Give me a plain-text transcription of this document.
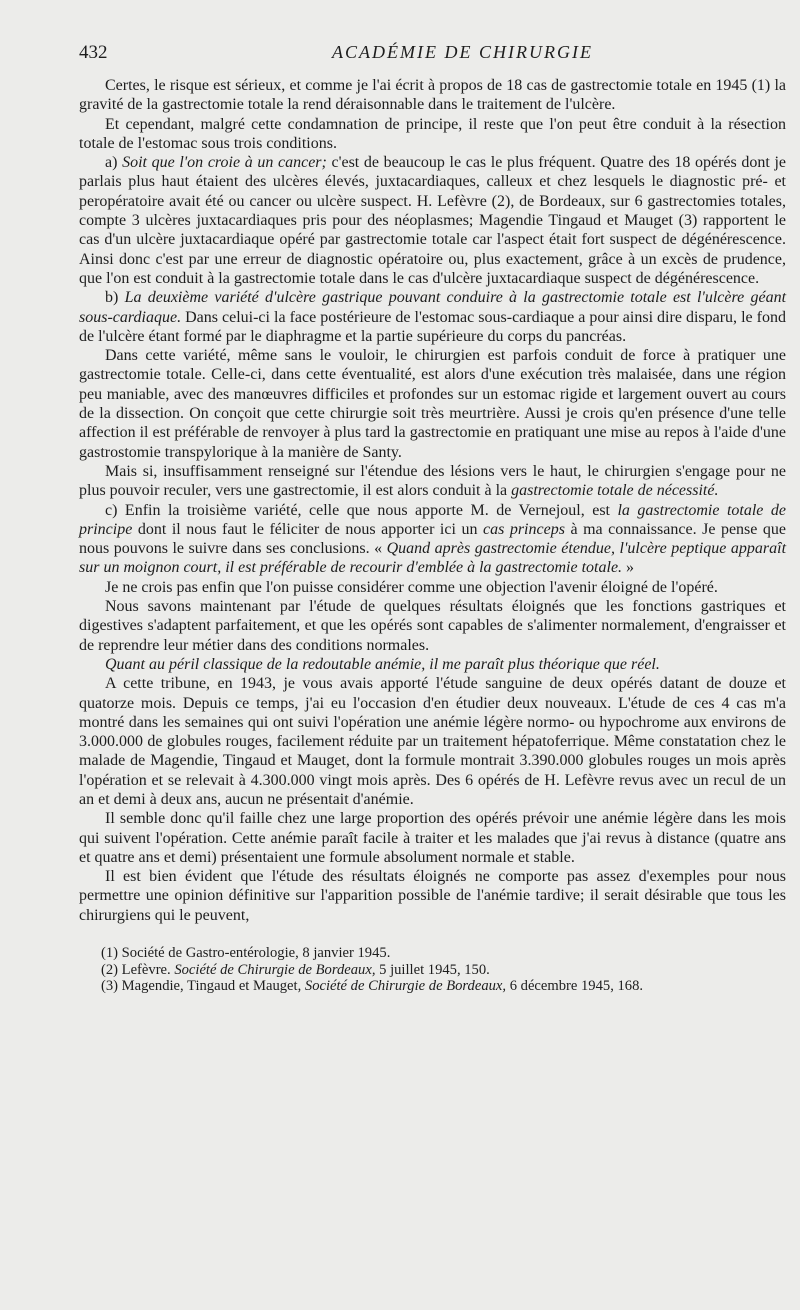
432	ACADÉMIE DE CHIRURGIE

Certes, le risque est sérieux, et comme je l'ai écrit à propos de 18 cas de gastrectomie totale en 1945 (1) la gravité de la gastrectomie totale la rend déraisonnable dans le traitement de l'ulcère.

Et cependant, malgré cette condamnation de principe, il reste que l'on peut être conduit à la résection totale de l'estomac sous trois conditions.

a) Soit que l'on croie à un cancer; c'est de beaucoup le cas le plus fréquent. Quatre des 18 opérés dont je parlais plus haut étaient des ulcères élevés, juxtacardiaques, calleux et chez lesquels le diagnostic pré- et peropératoire avait été ou cancer ou ulcère suspect. H. Lefèvre (2), de Bordeaux, sur 6 gastrectomies totales, compte 3 ulcères juxtacardiaques pris pour des néoplasmes; Magendie Tingaud et Mauget (3) rapportent le cas d'un ulcère juxtacardiaque opéré par gastrectomie totale car l'aspect était fort suspect de dégénérescence. Ainsi donc c'est par une erreur de diagnostic opératoire ou, plus exactement, grâce à un excès de prudence, que l'on est conduit à la gastrectomie totale dans le cas d'ulcère juxtacardiaque suspect de dégénérescence.

b) La deuxième variété d'ulcère gastrique pouvant conduire à la gastrectomie totale est l'ulcère géant sous-cardiaque. Dans celui-ci la face postérieure de l'estomac sous-cardiaque a pour ainsi dire disparu, le fond de l'ulcère étant formé par le diaphragme et la partie supérieure du corps du pancréas.

Dans cette variété, même sans le vouloir, le chirurgien est parfois conduit de force à pratiquer une gastrectomie totale. Celle-ci, dans cette éventualité, est alors d'une exécution très malaisée, dans une région peu maniable, avec des manœuvres difficiles et profondes sur un estomac rigide et largement ouvert au cours de la dissection. On conçoit que cette chirurgie soit très meurtrière. Aussi je crois qu'en présence d'une telle affection il est préférable de renvoyer à plus tard la gastrectomie en pratiquant une mise au repos à l'aide d'une gastrostomie transpylorique à la manière de Santy.

Mais si, insuffisamment renseigné sur l'étendue des lésions vers le haut, le chirurgien s'engage pour ne plus pouvoir reculer, vers une gastrectomie, il est alors conduit à la gastrectomie totale de nécessité.

c) Enfin la troisième variété, celle que nous apporte M. de Vernejoul, est la gastrectomie totale de principe dont il nous faut le féliciter de nous apporter ici un cas princeps à ma connaissance. Je pense que nous pouvons le suivre dans ses conclusions. « Quand après gastrectomie étendue, l'ulcère peptique apparaît sur un moignon court, il est préférable de recourir d'emblée à la gastrectomie totale. »

Je ne crois pas enfin que l'on puisse considérer comme une objection l'avenir éloigné de l'opéré.

Nous savons maintenant par l'étude de quelques résultats éloignés que les fonctions gastriques et digestives s'adaptent parfaitement, et que les opérés sont capables de s'alimenter normalement, d'engraisser et de reprendre leur métier dans des conditions normales.

Quant au péril classique de la redoutable anémie, il me paraît plus théorique que réel.

A cette tribune, en 1943, je vous avais apporté l'étude sanguine de deux opérés datant de douze et quatorze mois. Depuis ce temps, j'ai eu l'occasion d'en étudier deux nouveaux. L'étude de ces 4 cas m'a montré dans les semaines qui ont suivi l'opération une anémie légère normo- ou hypochrome aux environs de 3.000.000 de globules rouges, facilement réduite par un traitement hépatoferrique. Même constatation chez le malade de Magendie, Tingaud et Mauget, dont la formule montrait 3.390.000 globules rouges un mois après l'opération et se relevait à 4.300.000 vingt mois après. Des 6 opérés de H. Lefèvre revus avec un recul de un an et demi à deux ans, aucun ne présentait d'anémie.

Il semble donc qu'il faille chez une large proportion des opérés prévoir une anémie légère dans les mois qui suivent l'opération. Cette anémie paraît facile à traiter et les malades que j'ai revus à distance (quatre ans et quatre ans et demi) présentaient une formule absolument normale et stable.

Il est bien évident que l'étude des résultats éloignés ne comporte pas assez d'exemples pour nous permettre une opinion définitive sur l'apparition possible de l'anémie tardive; il serait désirable que tous les chirurgiens qui le peuvent,

(1) Société de Gastro-entérologie, 8 janvier 1945.

(2) Lefèvre. Société de Chirurgie de Bordeaux, 5 juillet 1945, 150.

(3) Magendie, Tingaud et Mauget, Société de Chirurgie de Bordeaux, 6 décembre 1945, 168.
